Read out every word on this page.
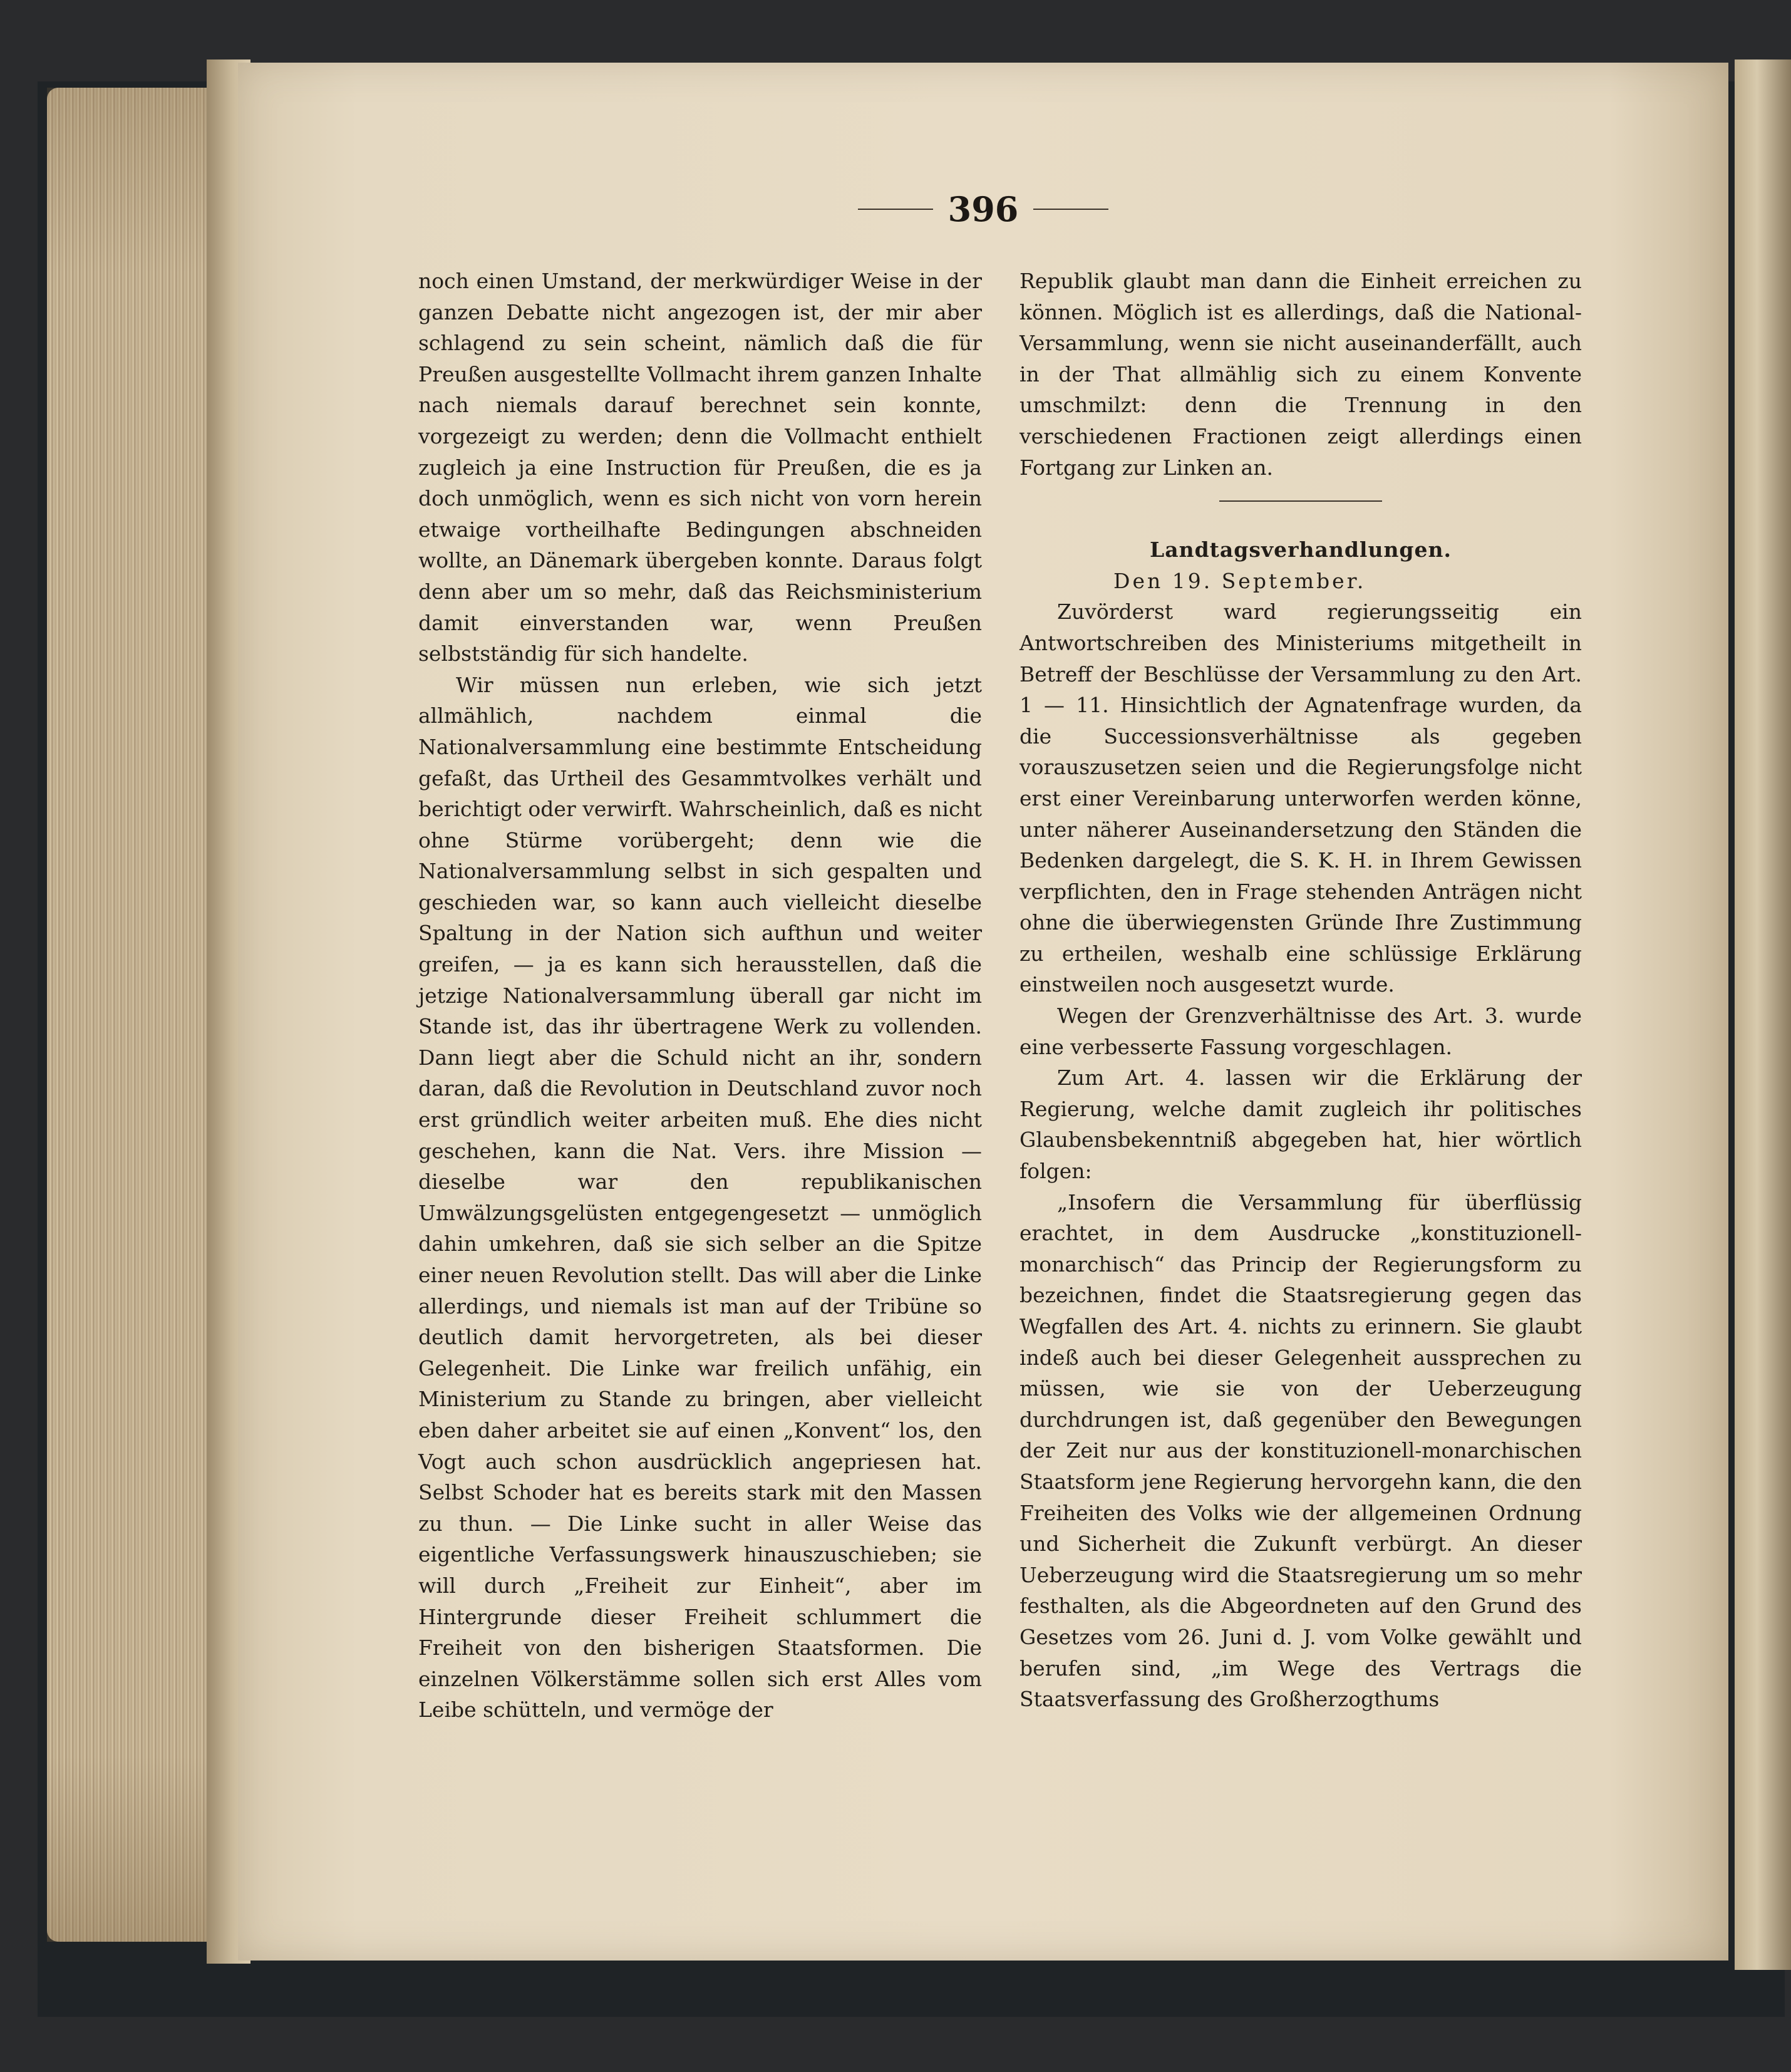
396

noch einen Umstand, der merkwürdiger Weise in der ganzen Debatte nicht angezogen ist, der mir aber schlagend zu sein scheint, nämlich daß die für Preußen ausgestellte Vollmacht ihrem ganzen Inhalte nach niemals darauf berechnet sein konnte, vorgezeigt zu werden; denn die Vollmacht enthielt zugleich ja eine Instruction für Preußen, die es ja doch unmöglich, wenn es sich nicht von vorn herein etwaige vortheilhafte Bedingungen abschneiden wollte, an Dänemark übergeben konnte. Daraus folgt denn aber um so mehr, daß das Reichsministerium damit einverstanden war, wenn Preußen selbstständig für sich handelte.

Wir müssen nun erleben, wie sich jetzt allmählich, nachdem einmal die Nationalversammlung eine bestimmte Entscheidung gefaßt, das Urtheil des Gesammtvolkes verhält und berichtigt oder verwirft. Wahrscheinlich, daß es nicht ohne Stürme vorübergeht; denn wie die Nationalversammlung selbst in sich gespalten und geschieden war, so kann auch vielleicht dieselbe Spaltung in der Nation sich aufthun und weiter greifen, — ja es kann sich herausstellen, daß die jetzige Nationalversammlung überall gar nicht im Stande ist, das ihr übertragene Werk zu vollenden. Dann liegt aber die Schuld nicht an ihr, sondern daran, daß die Revolution in Deutschland zuvor noch erst gründlich weiter arbeiten muß. Ehe dies nicht geschehen, kann die Nat. Vers. ihre Mission — dieselbe war den republikanischen Umwälzungsgelüsten entgegengesetzt — unmöglich dahin umkehren, daß sie sich selber an die Spitze einer neuen Revolution stellt. Das will aber die Linke allerdings, und niemals ist man auf der Tribüne so deutlich damit hervorgetreten, als bei dieser Gelegenheit. Die Linke war freilich unfähig, ein Ministerium zu Stande zu bringen, aber vielleicht eben daher arbeitet sie auf einen „Konvent“ los, den Vogt auch schon ausdrücklich angepriesen hat. Selbst Schoder hat es bereits stark mit den Massen zu thun. — Die Linke sucht in aller Weise das eigentliche Verfassungswerk hinauszuschieben; sie will durch „Freiheit zur Einheit“, aber im Hintergrunde dieser Freiheit schlummert die Freiheit von den bisherigen Staatsformen. Die einzelnen Völkerstämme sollen sich erst Alles vom Leibe schütteln, und vermöge der

Republik glaubt man dann die Einheit erreichen zu können. Möglich ist es allerdings, daß die National-Versammlung, wenn sie nicht auseinanderfällt, auch in der That allmählig sich zu einem Konvente umschmilzt: denn die Trennung in den verschiedenen Fractionen zeigt allerdings einen Fortgang zur Linken an.

Landtagsverhandlungen.

Den 19. September.

Zuvörderst ward regierungsseitig ein Antwortschreiben des Ministeriums mitgetheilt in Betreff der Beschlüsse der Versammlung zu den Art. 1 — 11. Hinsichtlich der Agnatenfrage wurden, da die Successionsverhältnisse als gegeben vorauszusetzen seien und die Regierungsfolge nicht erst einer Vereinbarung unterworfen werden könne, unter näherer Auseinandersetzung den Ständen die Bedenken dargelegt, die S. K. H. in Ihrem Gewissen verpflichten, den in Frage stehenden Anträgen nicht ohne die überwiegensten Gründe Ihre Zustimmung zu ertheilen, weshalb eine schlüssige Erklärung einstweilen noch ausgesetzt wurde.

Wegen der Grenzverhältnisse des Art. 3. wurde eine verbesserte Fassung vorgeschlagen.

Zum Art. 4. lassen wir die Erklärung der Regierung, welche damit zugleich ihr politisches Glaubensbekenntniß abgegeben hat, hier wörtlich folgen:

„Insofern die Versammlung für überflüssig erachtet, in dem Ausdrucke „konstituzionell-monarchisch“ das Princip der Regierungsform zu bezeichnen, findet die Staatsregierung gegen das Wegfallen des Art. 4. nichts zu erinnern. Sie glaubt indeß auch bei dieser Gelegenheit aussprechen zu müssen, wie sie von der Ueberzeugung durchdrungen ist, daß gegenüber den Bewegungen der Zeit nur aus der konstituzionell-monarchischen Staatsform jene Regierung hervorgehn kann, die den Freiheiten des Volks wie der allgemeinen Ordnung und Sicherheit die Zukunft verbürgt. An dieser Ueberzeugung wird die Staatsregierung um so mehr festhalten, als die Abgeordneten auf den Grund des Gesetzes vom 26. Juni d. J. vom Volke gewählt und berufen sind, „im Wege des Vertrags die Staatsverfassung des Großherzogthums
